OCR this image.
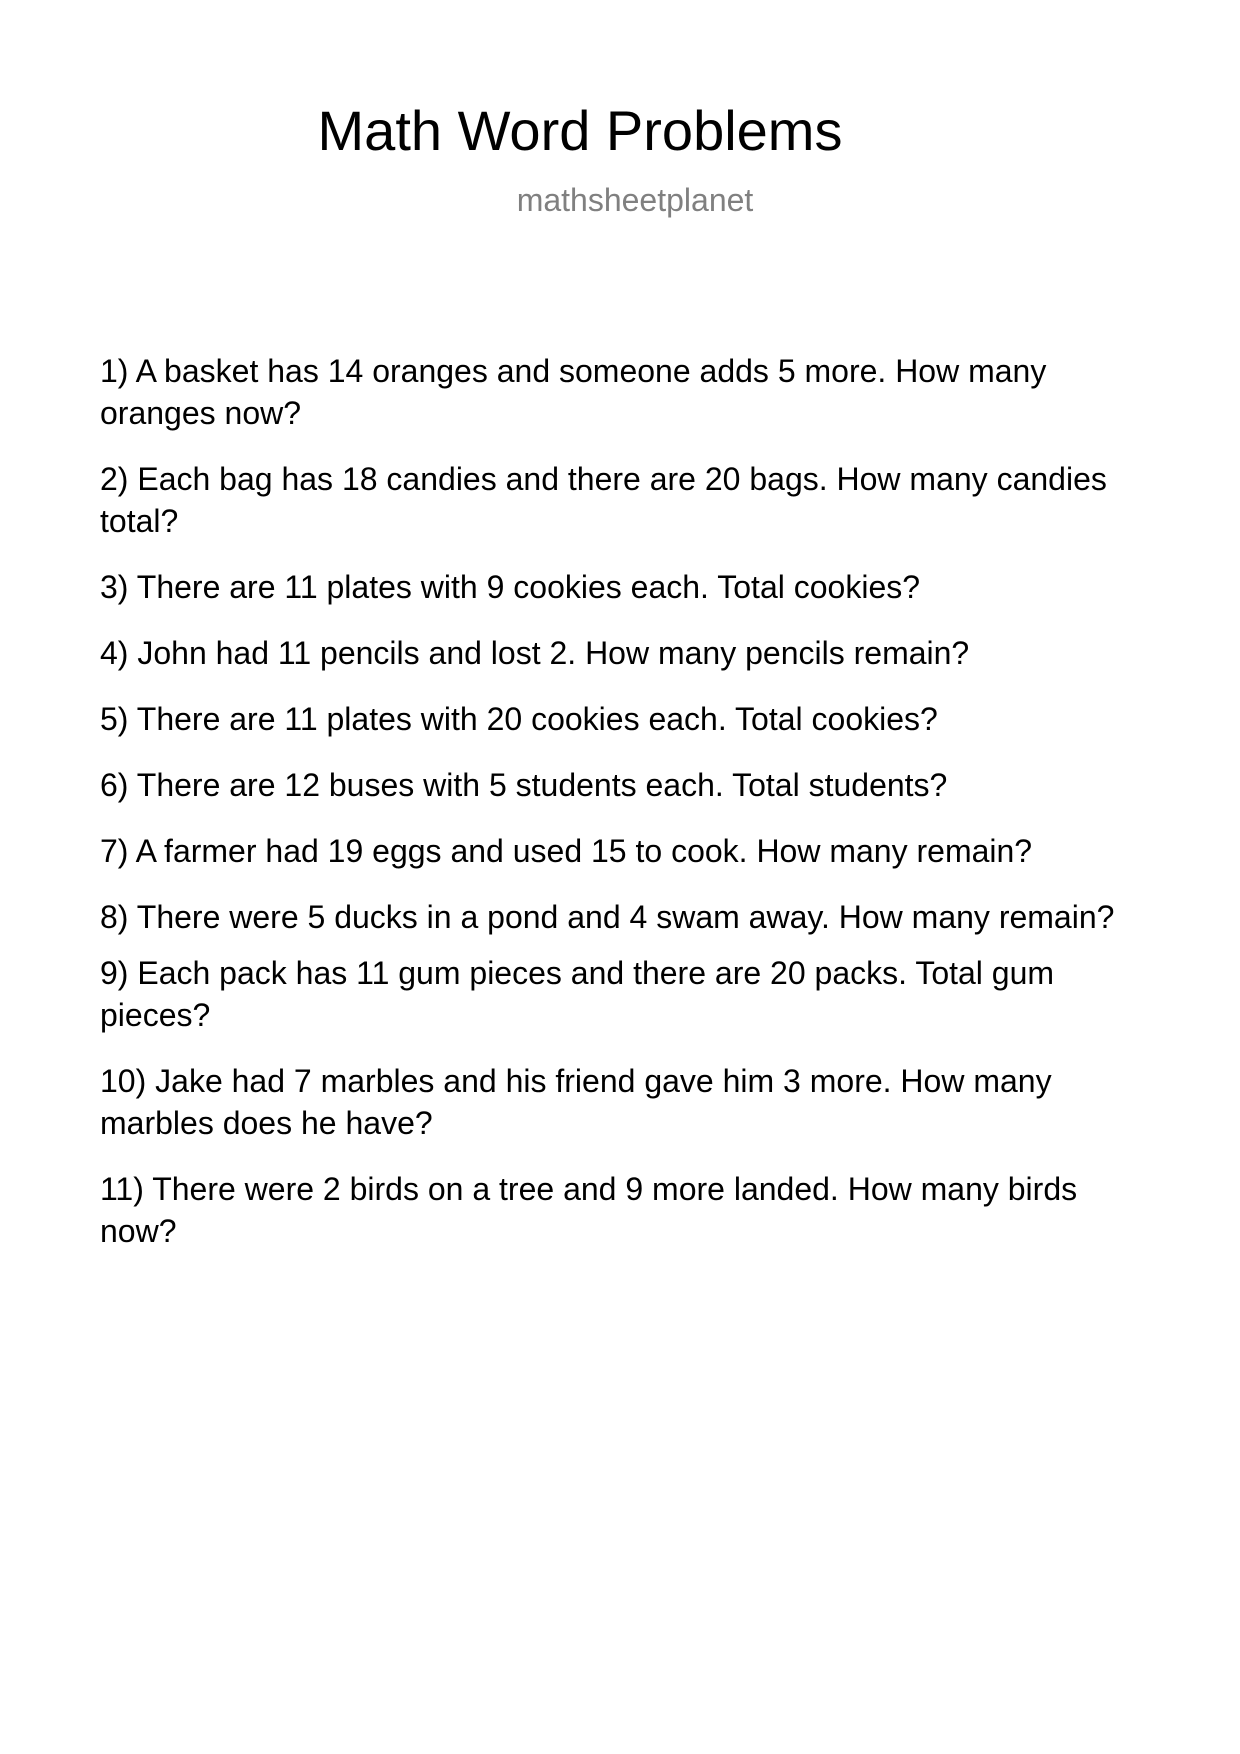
Math Word Problems
mathsheetplanet

1) A basket has 14 oranges and someone adds 5 more. How many oranges now?

2) Each bag has 18 candies and there are 20 bags. How many candies total?

3) There are 11 plates with 9 cookies each. Total cookies?

4) John had 11 pencils and lost 2. How many pencils remain?

5) There are 11 plates with 20 cookies each. Total cookies?

6) There are 12 buses with 5 students each. Total students?

7) A farmer had 19 eggs and used 15 to cook. How many remain?

8) There were 5 ducks in a pond and 4 swam away. How many remain?

9) Each pack has 11 gum pieces and there are 20 packs. Total gum pieces?

10) Jake had 7 marbles and his friend gave him 3 more. How many marbles does he have?

11) There were 2 birds on a tree and 9 more landed. How many birds now?
